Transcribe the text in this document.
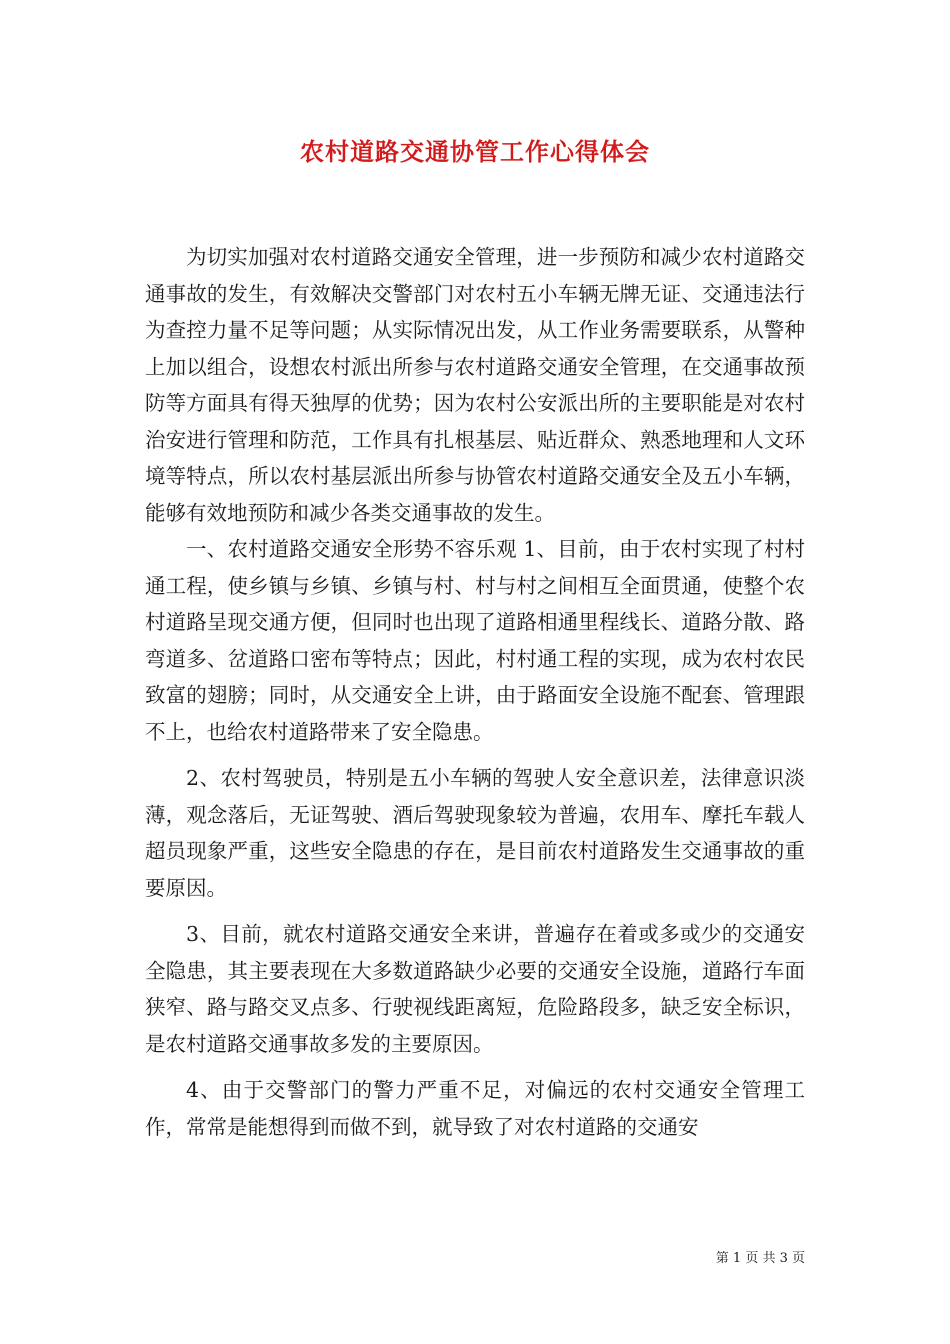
农村道路交通协管工作心得体会

为切实加强对农村道路交通安全管理，进一步预防和减少农村道路交通事故的发生，有效解决交警部门对农村五小车辆无牌无证、交通违法行为查控力量不足等问题；从实际情况出发，从工作业务需要联系，从警种上加以组合，设想农村派出所参与农村道路交通安全管理，在交通事故预防等方面具有得天独厚的优势；因为农村公安派出所的主要职能是对农村治安进行管理和防范，工作具有扎根基层、贴近群众、熟悉地理和人文环境等特点，所以农村基层派出所参与协管农村道路交通安全及五小车辆，能够有效地预防和减少各类交通事故的发生。

一、农村道路交通安全形势不容乐观 1、目前，由于农村实现了村村通工程，使乡镇与乡镇、乡镇与村、村与村之间相互全面贯通，使整个农村道路呈现交通方便，但同时也出现了道路相通里程线长、道路分散、路弯道多、岔道路口密布等特点；因此，村村通工程的实现，成为农村农民致富的翅膀；同时，从交通安全上讲，由于路面安全设施不配套、管理跟不上，也给农村道路带来了安全隐患。

2、农村驾驶员，特别是五小车辆的驾驶人安全意识差，法律意识淡薄，观念落后，无证驾驶、酒后驾驶现象较为普遍，农用车、摩托车载人超员现象严重，这些安全隐患的存在，是目前农村道路发生交通事故的重要原因。

3、目前，就农村道路交通安全来讲，普遍存在着或多或少的交通安全隐患，其主要表现在大多数道路缺少必要的交通安全设施，道路行车面狭窄、路与路交叉点多、行驶视线距离短，危险路段多，缺乏安全标识，是农村道路交通事故多发的主要原因。

4、由于交警部门的警力严重不足，对偏远的农村交通安全管理工作，常常是能想得到而做不到，就导致了对农村道路的交通安

第 1 页 共 3 页
